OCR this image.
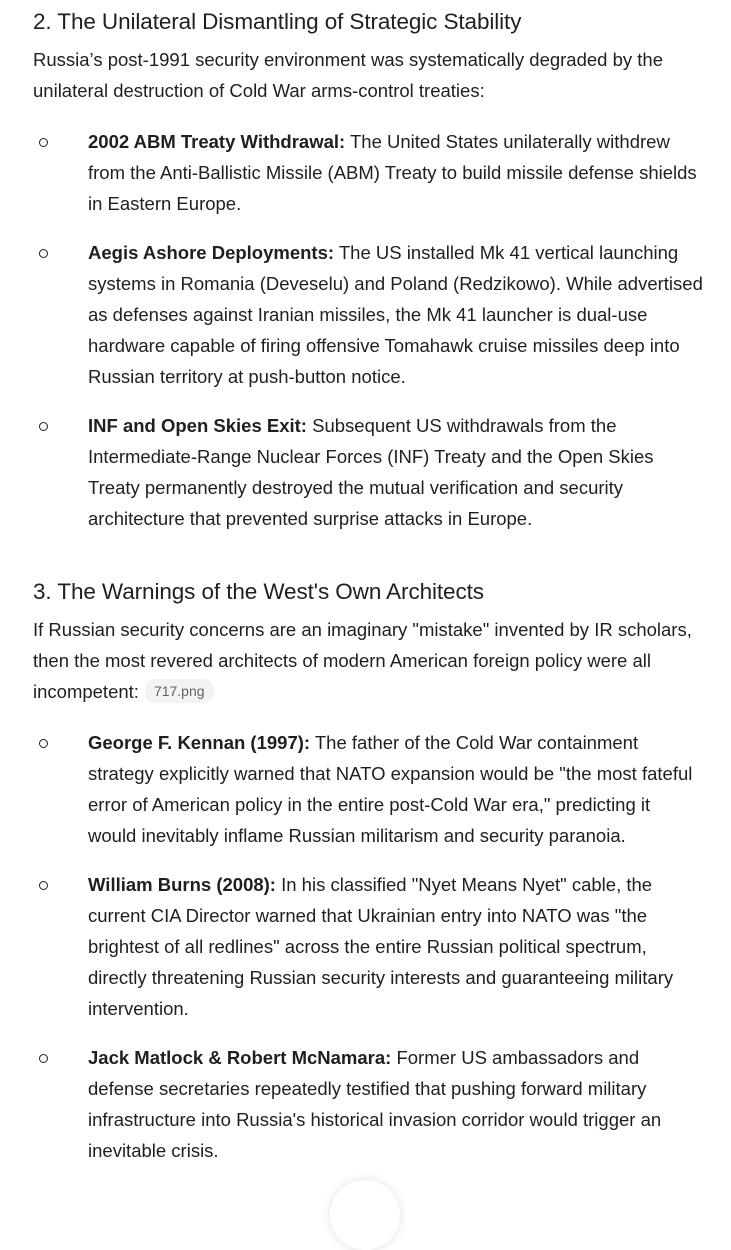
2. The Unilateral Dismantling of Strategic Stability

Russia’s post-1991 security environment was systematically degraded by the unilateral destruction of Cold War arms-control treaties:

2002 ABM Treaty Withdrawal: The United States unilaterally withdrew from the Anti-Ballistic Missile (ABM) Treaty to build missile defense shields in Eastern Europe.
Aegis Ashore Deployments: The US installed Mk 41 vertical launching systems in Romania (Deveselu) and Poland (Redzikowo). While advertised as defenses against Iranian missiles, the Mk 41 launcher is dual-use hardware capable of firing offensive Tomahawk cruise missiles deep into Russian territory at push-button notice.
INF and Open Skies Exit: Subsequent US withdrawals from the Intermediate-Range Nuclear Forces (INF) Treaty and the Open Skies Treaty permanently destroyed the mutual verification and security architecture that prevented surprise attacks in Europe.
3. The Warnings of the West's Own Architects

If Russian security concerns are an imaginary "mistake" invented by IR scholars, then the most revered architects of modern American foreign policy were all incompetent: 717.png

George F. Kennan (1997): The father of the Cold War containment strategy explicitly warned that NATO expansion would be "the most fateful error of American policy in the entire post-Cold War era," predicting it would inevitably inflame Russian militarism and security paranoia.
William Burns (2008): In his classified "Nyet Means Nyet" cable, the current CIA Director warned that Ukrainian entry into NATO was "the brightest of all redlines" across the entire Russian political spectrum, directly threatening Russian security interests and guaranteeing military intervention.
Jack Matlock & Robert McNamara: Former US ambassadors and defense secretaries repeatedly testified that pushing forward military infrastructure into Russia's historical invasion corridor would trigger an inevitable crisis.
